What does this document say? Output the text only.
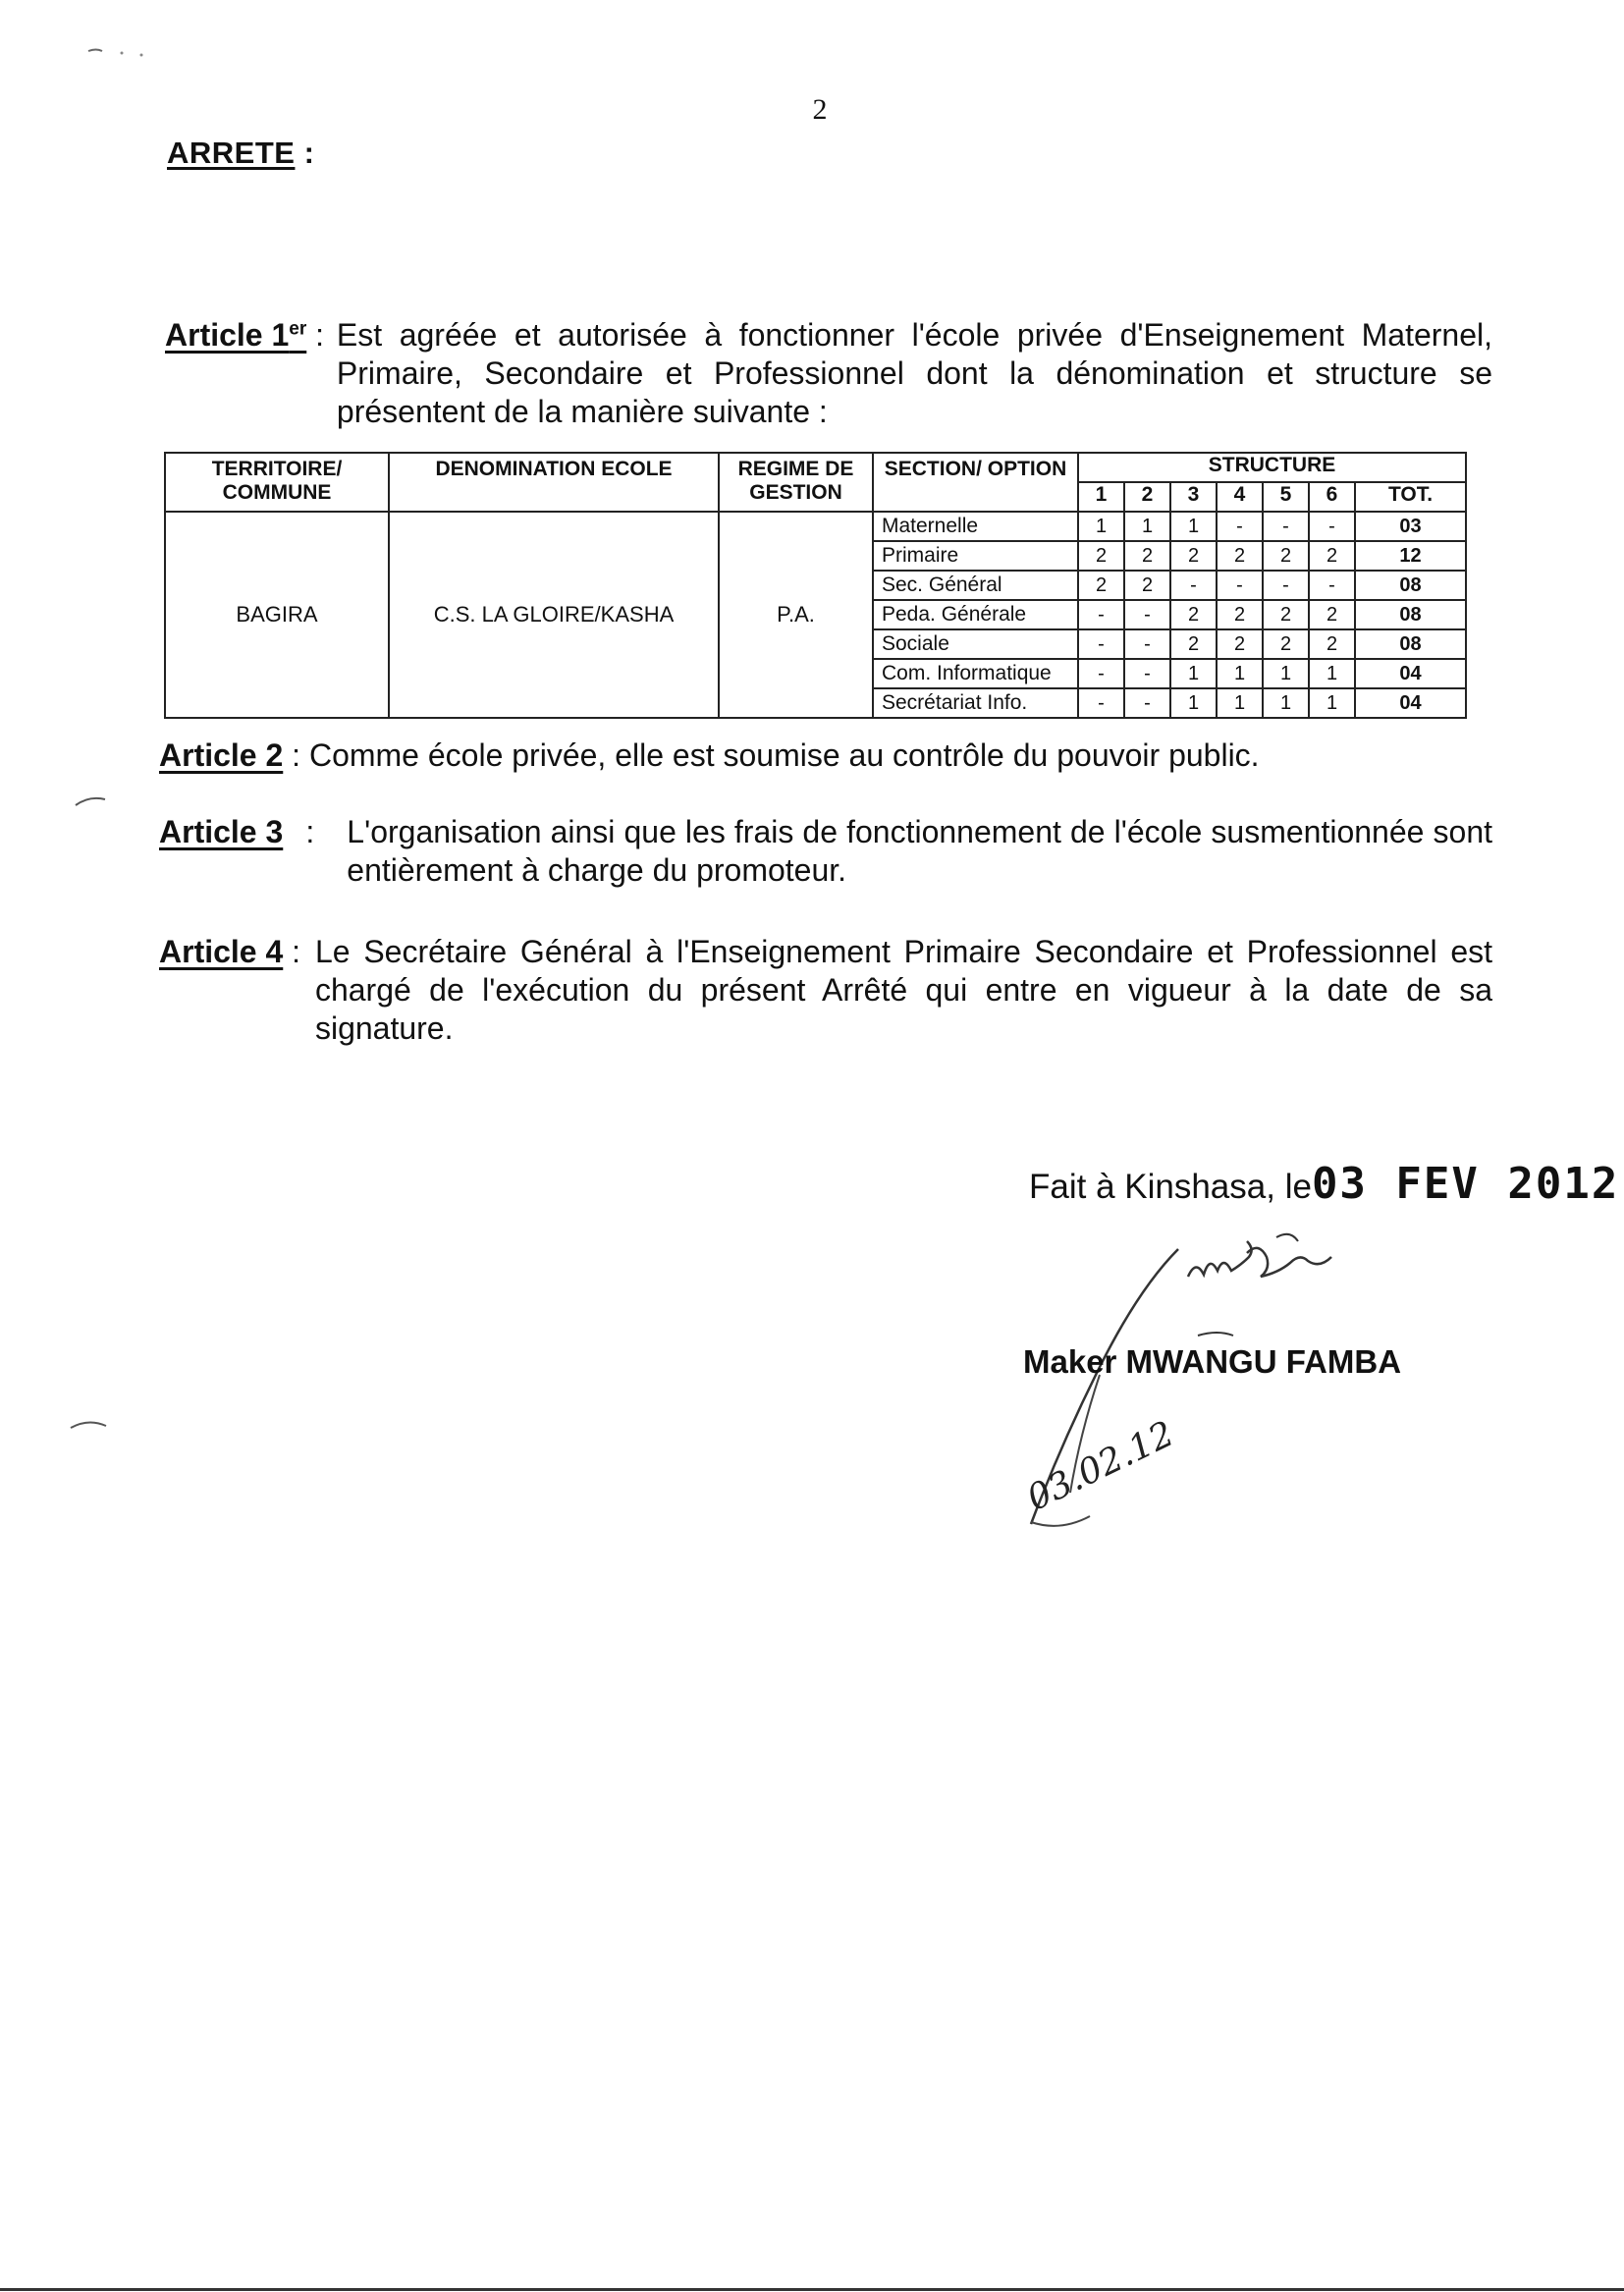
2
ARRETE :
Article 1er : Est agréée et autorisée à fonctionner l'école privée d'Enseignement Maternel, Primaire, Secondaire et Professionnel dont la dénomination et structure se présentent de la manière suivante :
TERRITOIRE/ COMMUNE	DENOMINATION ECOLE	REGIME DE GESTION	SECTION/ OPTION	STRUCTURE						
				1	2	3	4	5	6	TOT.
BAGIRA	C.S. LA GLOIRE/KASHA	P.A.	Maternelle	1	1	1	-	-	-	03
			Primaire	2	2	2	2	2	2	12
			Sec. Général	2	2	-	-	-	-	08
			Peda. Générale	-	-	2	2	2	2	08
			Sociale	-	-	2	2	2	2	08
			Com. Informatique	-	-	1	1	1	1	04
			Secrétariat Info.	-	-	1	1	1	1	04
Article 2 : Comme école privée, elle est soumise au contrôle du pouvoir public.
Article 3 :	L'organisation ainsi que les frais de fonctionnement de l'école susmentionnée sont entièrement à charge du promoteur.
Article 4 : Le Secrétaire Général à l'Enseignement Primaire Secondaire et Professionnel est chargé de l'exécution du présent Arrêté qui entre en vigueur à la date de sa signature.
Fait à Kinshasa, le03 FEV 2012
Maker MWANGU FAMBA
03.02.12
